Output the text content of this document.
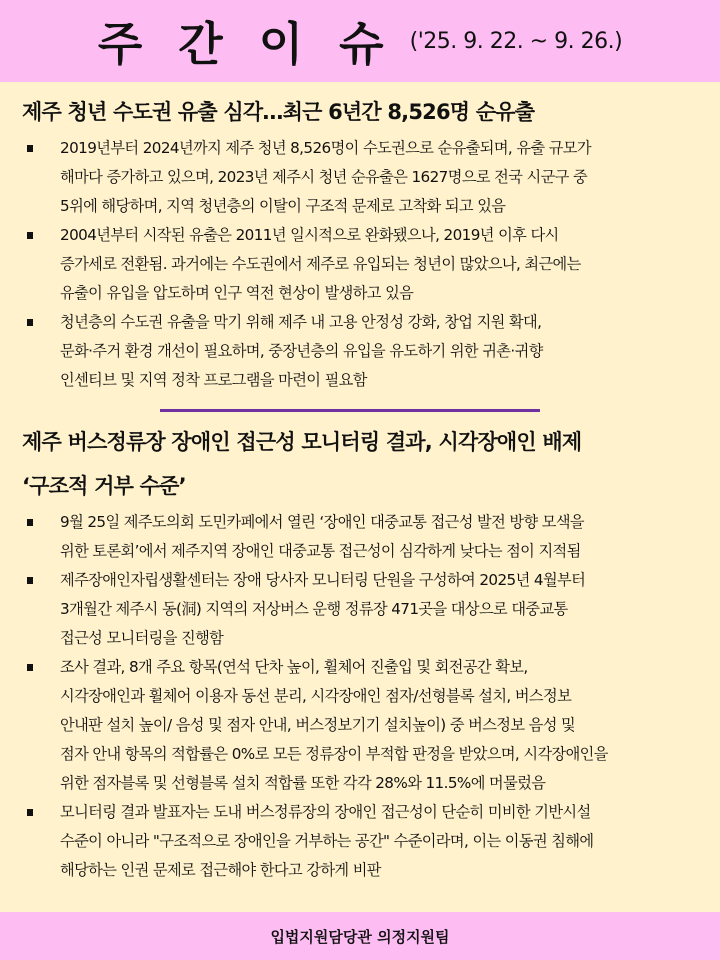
주 간 이 슈 ('25. 9. 22. ~ 9. 26.)
제주 청년 수도권 유출 심각…최근 6년간 8,526명 순유출
2019년부터 2024년까지 제주 청년 8,526명이 수도권으로 순유출되며, 유출 규모가
해마다 증가하고 있으며, 2023년 제주시 청년 순유출은 1627명으로 전국 시군구 중
5위에 해당하며, 지역 청년층의 이탈이 구조적 문제로 고착화 되고 있음
2004년부터 시작된 유출은 2011년 일시적으로 완화됐으나, 2019년 이후 다시
증가세로 전환됨. 과거에는 수도권에서 제주로 유입되는 청년이 많았으나, 최근에는
유출이 유입을 압도하며 인구 역전 현상이 발생하고 있음
청년층의 수도권 유출을 막기 위해 제주 내 고용 안정성 강화, 창업 지원 확대,
문화·주거 환경 개선이 필요하며, 중장년층의 유입을 유도하기 위한 귀촌·귀향
인센티브 및 지역 정착 프로그램을 마련이 필요함
제주 버스정류장 장애인 접근성 모니터링 결과, 시각장애인 배제
‘구조적 거부 수준’
9월 25일 제주도의회 도민카페에서 열린 ‘장애인 대중교통 접근성 발전 방향 모색을
위한 토론회’에서 제주지역 장애인 대중교통 접근성이 심각하게 낮다는 점이 지적됨
제주장애인자립생활센터는 장애 당사자 모니터링 단원을 구성하여 2025년 4월부터
3개월간 제주시 동(洞) 지역의 저상버스 운행 정류장 471곳을 대상으로 대중교통
접근성 모니터링을 진행함
조사 결과, 8개 주요 항목(연석 단차 높이, 휠체어 진출입 및 회전공간 확보,
시각장애인과 휠체어 이용자 동선 분리, 시각장애인 점자/선형블록 설치, 버스정보
안내판 설치 높이/ 음성 및 점자 안내, 버스정보기기 설치높이) 중 버스정보 음성 및
점자 안내 항목의 적합률은 0%로 모든 정류장이 부적합 판정을 받았으며, 시각장애인을
위한 점자블록 및 선형블록 설치 적합률 또한 각각 28%와 11.5%에 머물렀음
모니터링 결과 발표자는 도내 버스정류장의 장애인 접근성이 단순히 미비한 기반시설
수준이 아니라 "구조적으로 장애인을 거부하는 공간" 수준이라며, 이는 이동권 침해에
해당하는 인권 문제로 접근해야 한다고 강하게 비판
입법지원담당관 의정지원팀
